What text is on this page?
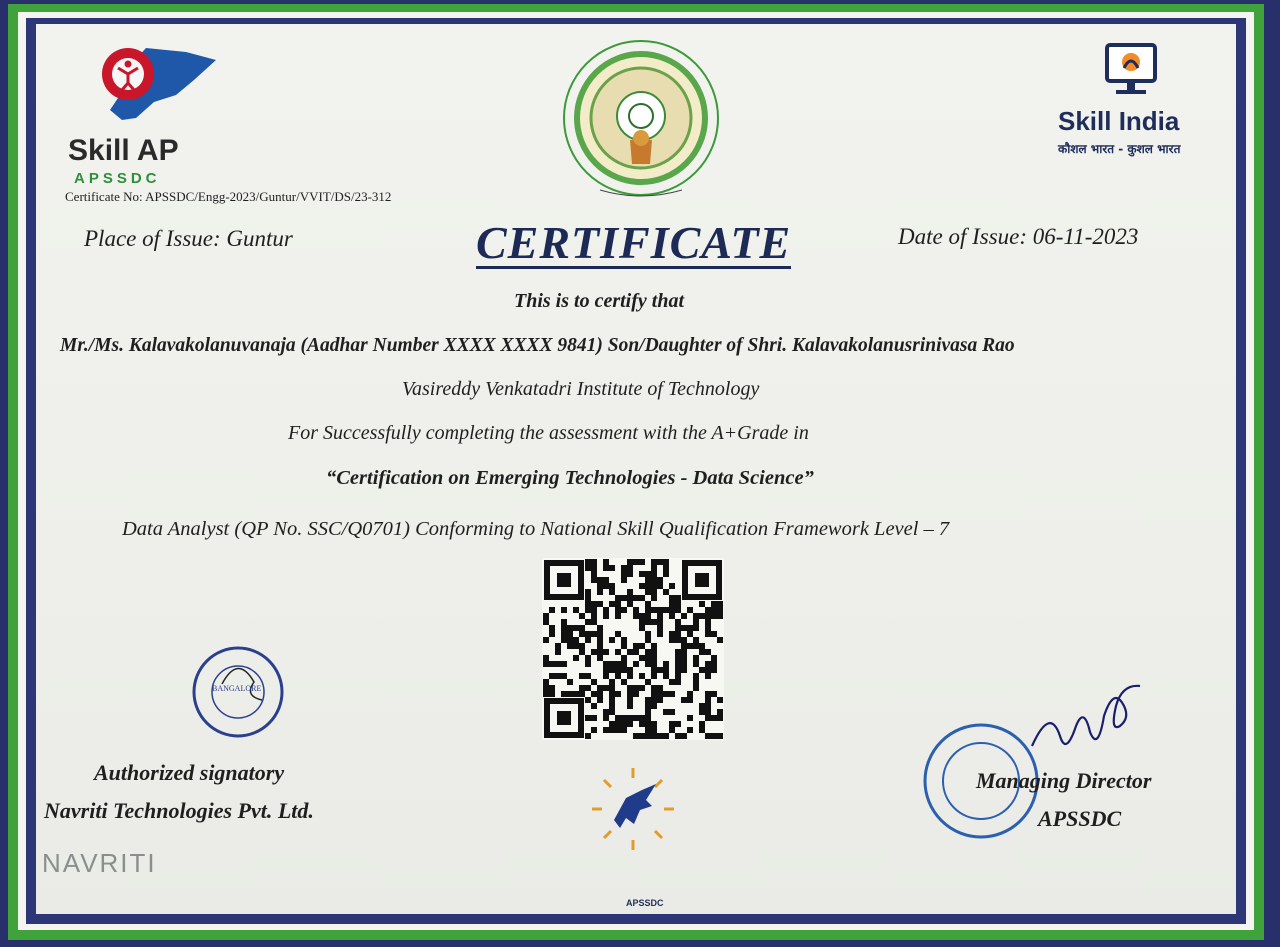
Skill AP
APSSDC
Certificate No: APSSDC/Engg-2023/Guntur/VVIT/DS/23-312
Skill India
कौशल भारत - कुशल भारत
Place of Issue: Guntur	CERTIFICATE	Date of Issue: 06-11-2023
This is to certify that
Mr./Ms. Kalavakolanuvanaja (Aadhar Number XXXX XXXX 9841) Son/Daughter of Shri. Kalavakolanusrinivasa Rao
Vasireddy Venkatadri Institute of Technology
For Successfully completing the assessment with the A+Grade in
“Certification on Emerging Technologies - Data Science”
Data Analyst (QP No. SSC/Q0701) Conforming to National Skill Qualification Framework Level – 7
BANGALORE
Authorized signatory
Navriti Technologies Pvt. Ltd.
NAVRITI
APSSDC
Managing Director
APSSDC
